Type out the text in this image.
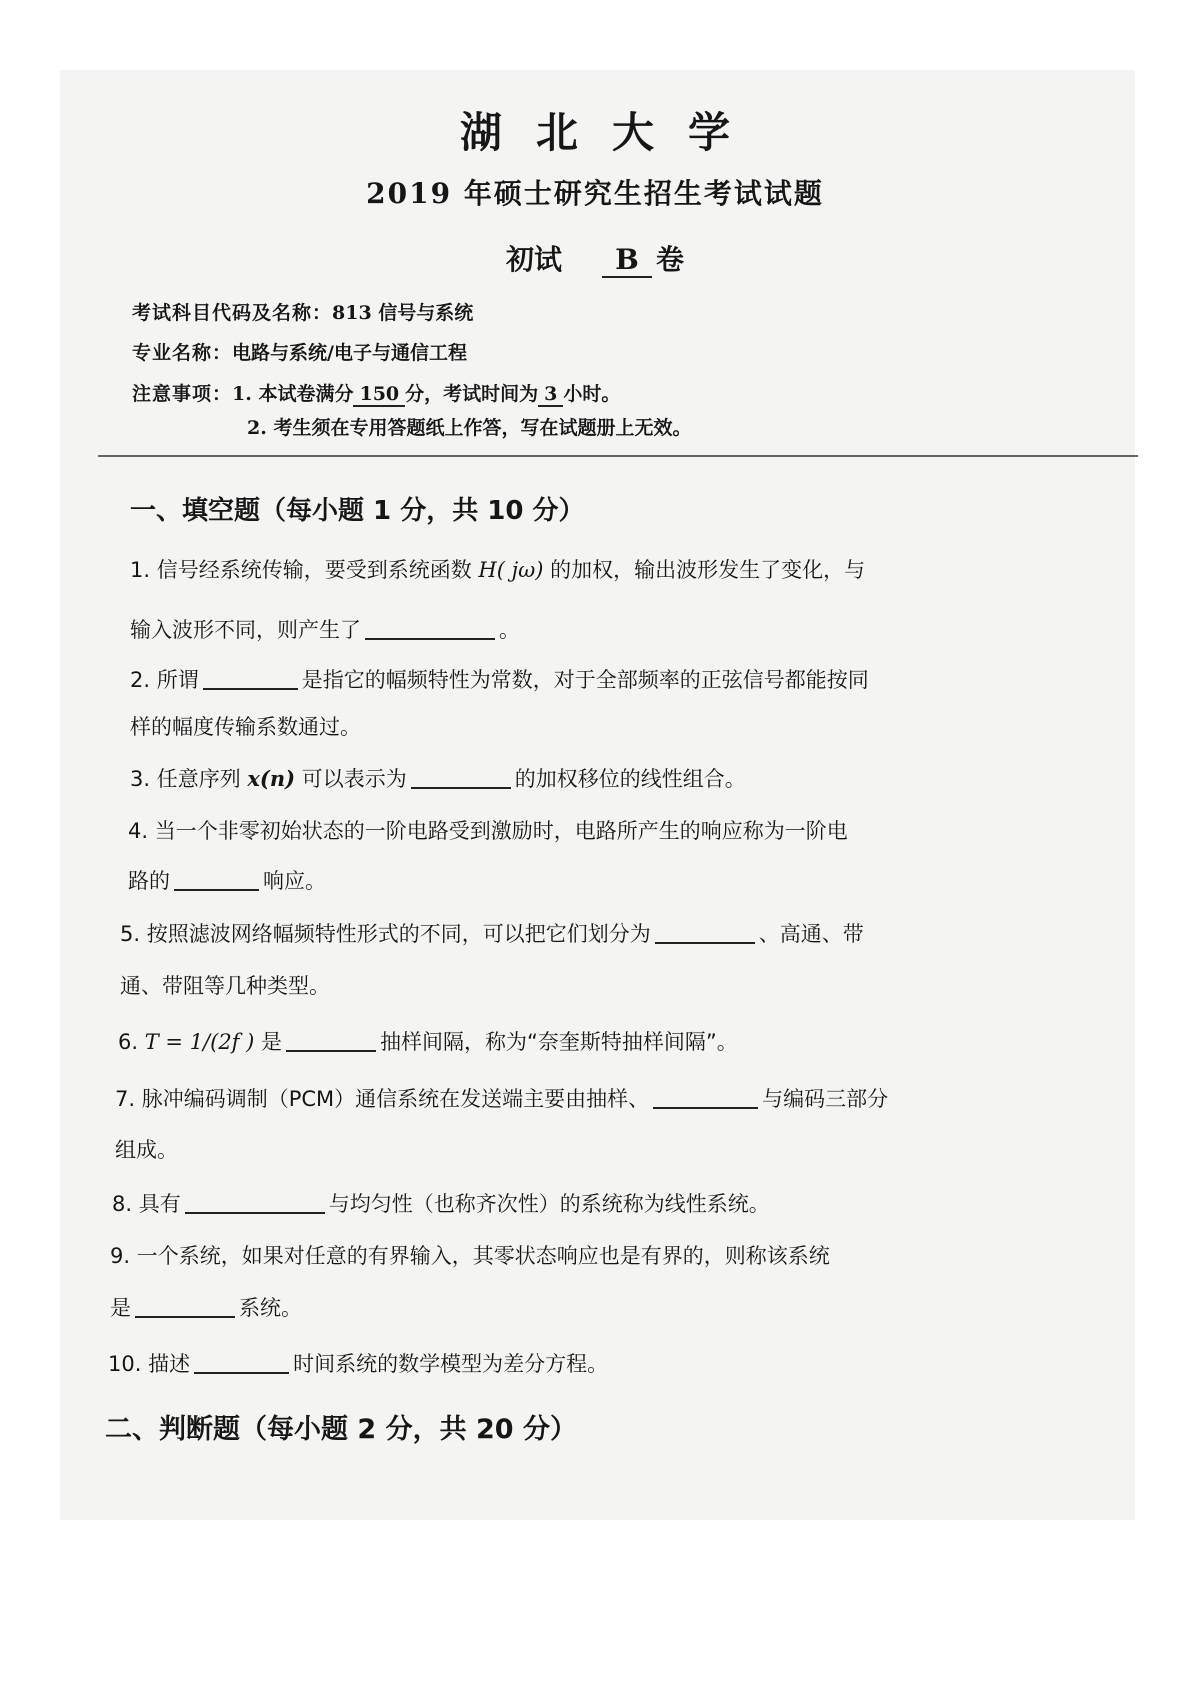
湖北大学
2019 年硕士研究生招生考试试题
初试 B 卷
考试科目代码及名称：813 信号与系统
专业名称：电路与系统/电子与通信工程
注意事项：1. 本试卷满分 150 分，考试时间为 3 小时。
2. 考生须在专用答题纸上作答，写在试题册上无效。
一、填空题（每小题 1 分，共 10 分）
1. 信号经系统传输，要受到系统函数 H( jω) 的加权，输出波形发生了变化，与
输入波形不同，则产生了	。
2. 所谓	是指它的幅频特性为常数，对于全部频率的正弦信号都能按同
样的幅度传输系数通过。
3. 任意序列 x(n) 可以表示为	的加权移位的线性组合。
4. 当一个非零初始状态的一阶电路受到激励时，电路所产生的响应称为一阶电
路的	响应。
5. 按照滤波网络幅频特性形式的不同，可以把它们划分为	、高通、带
通、带阻等几种类型。
6. T = 1/(2f ) 是	抽样间隔，称为“奈奎斯特抽样间隔”。
7. 脉冲编码调制（PCM）通信系统在发送端主要由抽样、	与编码三部分
组成。
8. 具有	与均匀性（也称齐次性）的系统称为线性系统。
9. 一个系统，如果对任意的有界输入，其零状态响应也是有界的，则称该系统
是	系统。
10. 描述	时间系统的数学模型为差分方程。
二、判断题（每小题 2 分，共 20 分）
